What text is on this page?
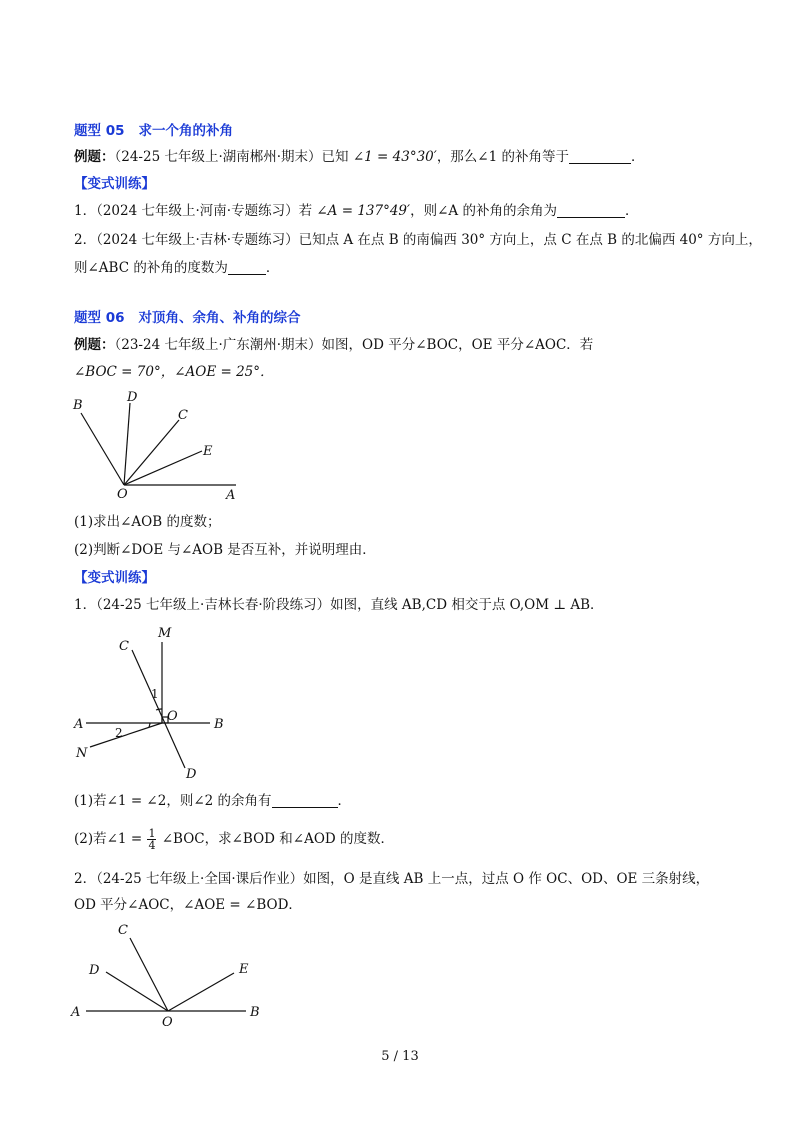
题型 05 求一个角的补角
例题：（24-25 七年级上·湖南郴州·期末）已知 ∠1 = 43°30′，那么∠1 的补角等于	．
【变式训练】
1．（2024 七年级上·河南·专题练习）若 ∠A = 137°49′，则∠A 的补角的余角为	．
2．（2024 七年级上·吉林·专题练习）已知点 A 在点 B 的南偏西 30° 方向上，点 C 在点 B 的北偏西 40° 方向上，
则∠ABC 的补角的度数为	．
题型 06 对顶角、余角、补角的综合
例题：（23-24 七年级上·广东潮州·期末）如图，OD 平分∠BOC，OE 平分∠AOC．若
∠BOC = 70°，∠AOE = 25°．
B
D
C
E
O	A
(1)求出∠AOB 的度数；
(2)判断∠DOE 与∠AOB 是否互补，并说明理由．
【变式训练】
1．（24-25 七年级上·吉林长春·阶段练习）如图，直线 AB,CD 相交于点 O,OM ⊥ AB．
C
M
1
O
A	B
2
N
D
(1)若∠1 = ∠2，则∠2 的余角有	．
(2)若∠1 = $\frac{1}{4}$ ∠BOC，求∠BOD 和∠AOD 的度数．
2．（24-25 七年级上·全国·课后作业）如图，O 是直线 AB 上一点，过点 O 作 OC、OD、OE 三条射线，
OD 平分∠AOC，∠AOE = ∠BOD．
C
D	E
A
O
B
5 / 13
